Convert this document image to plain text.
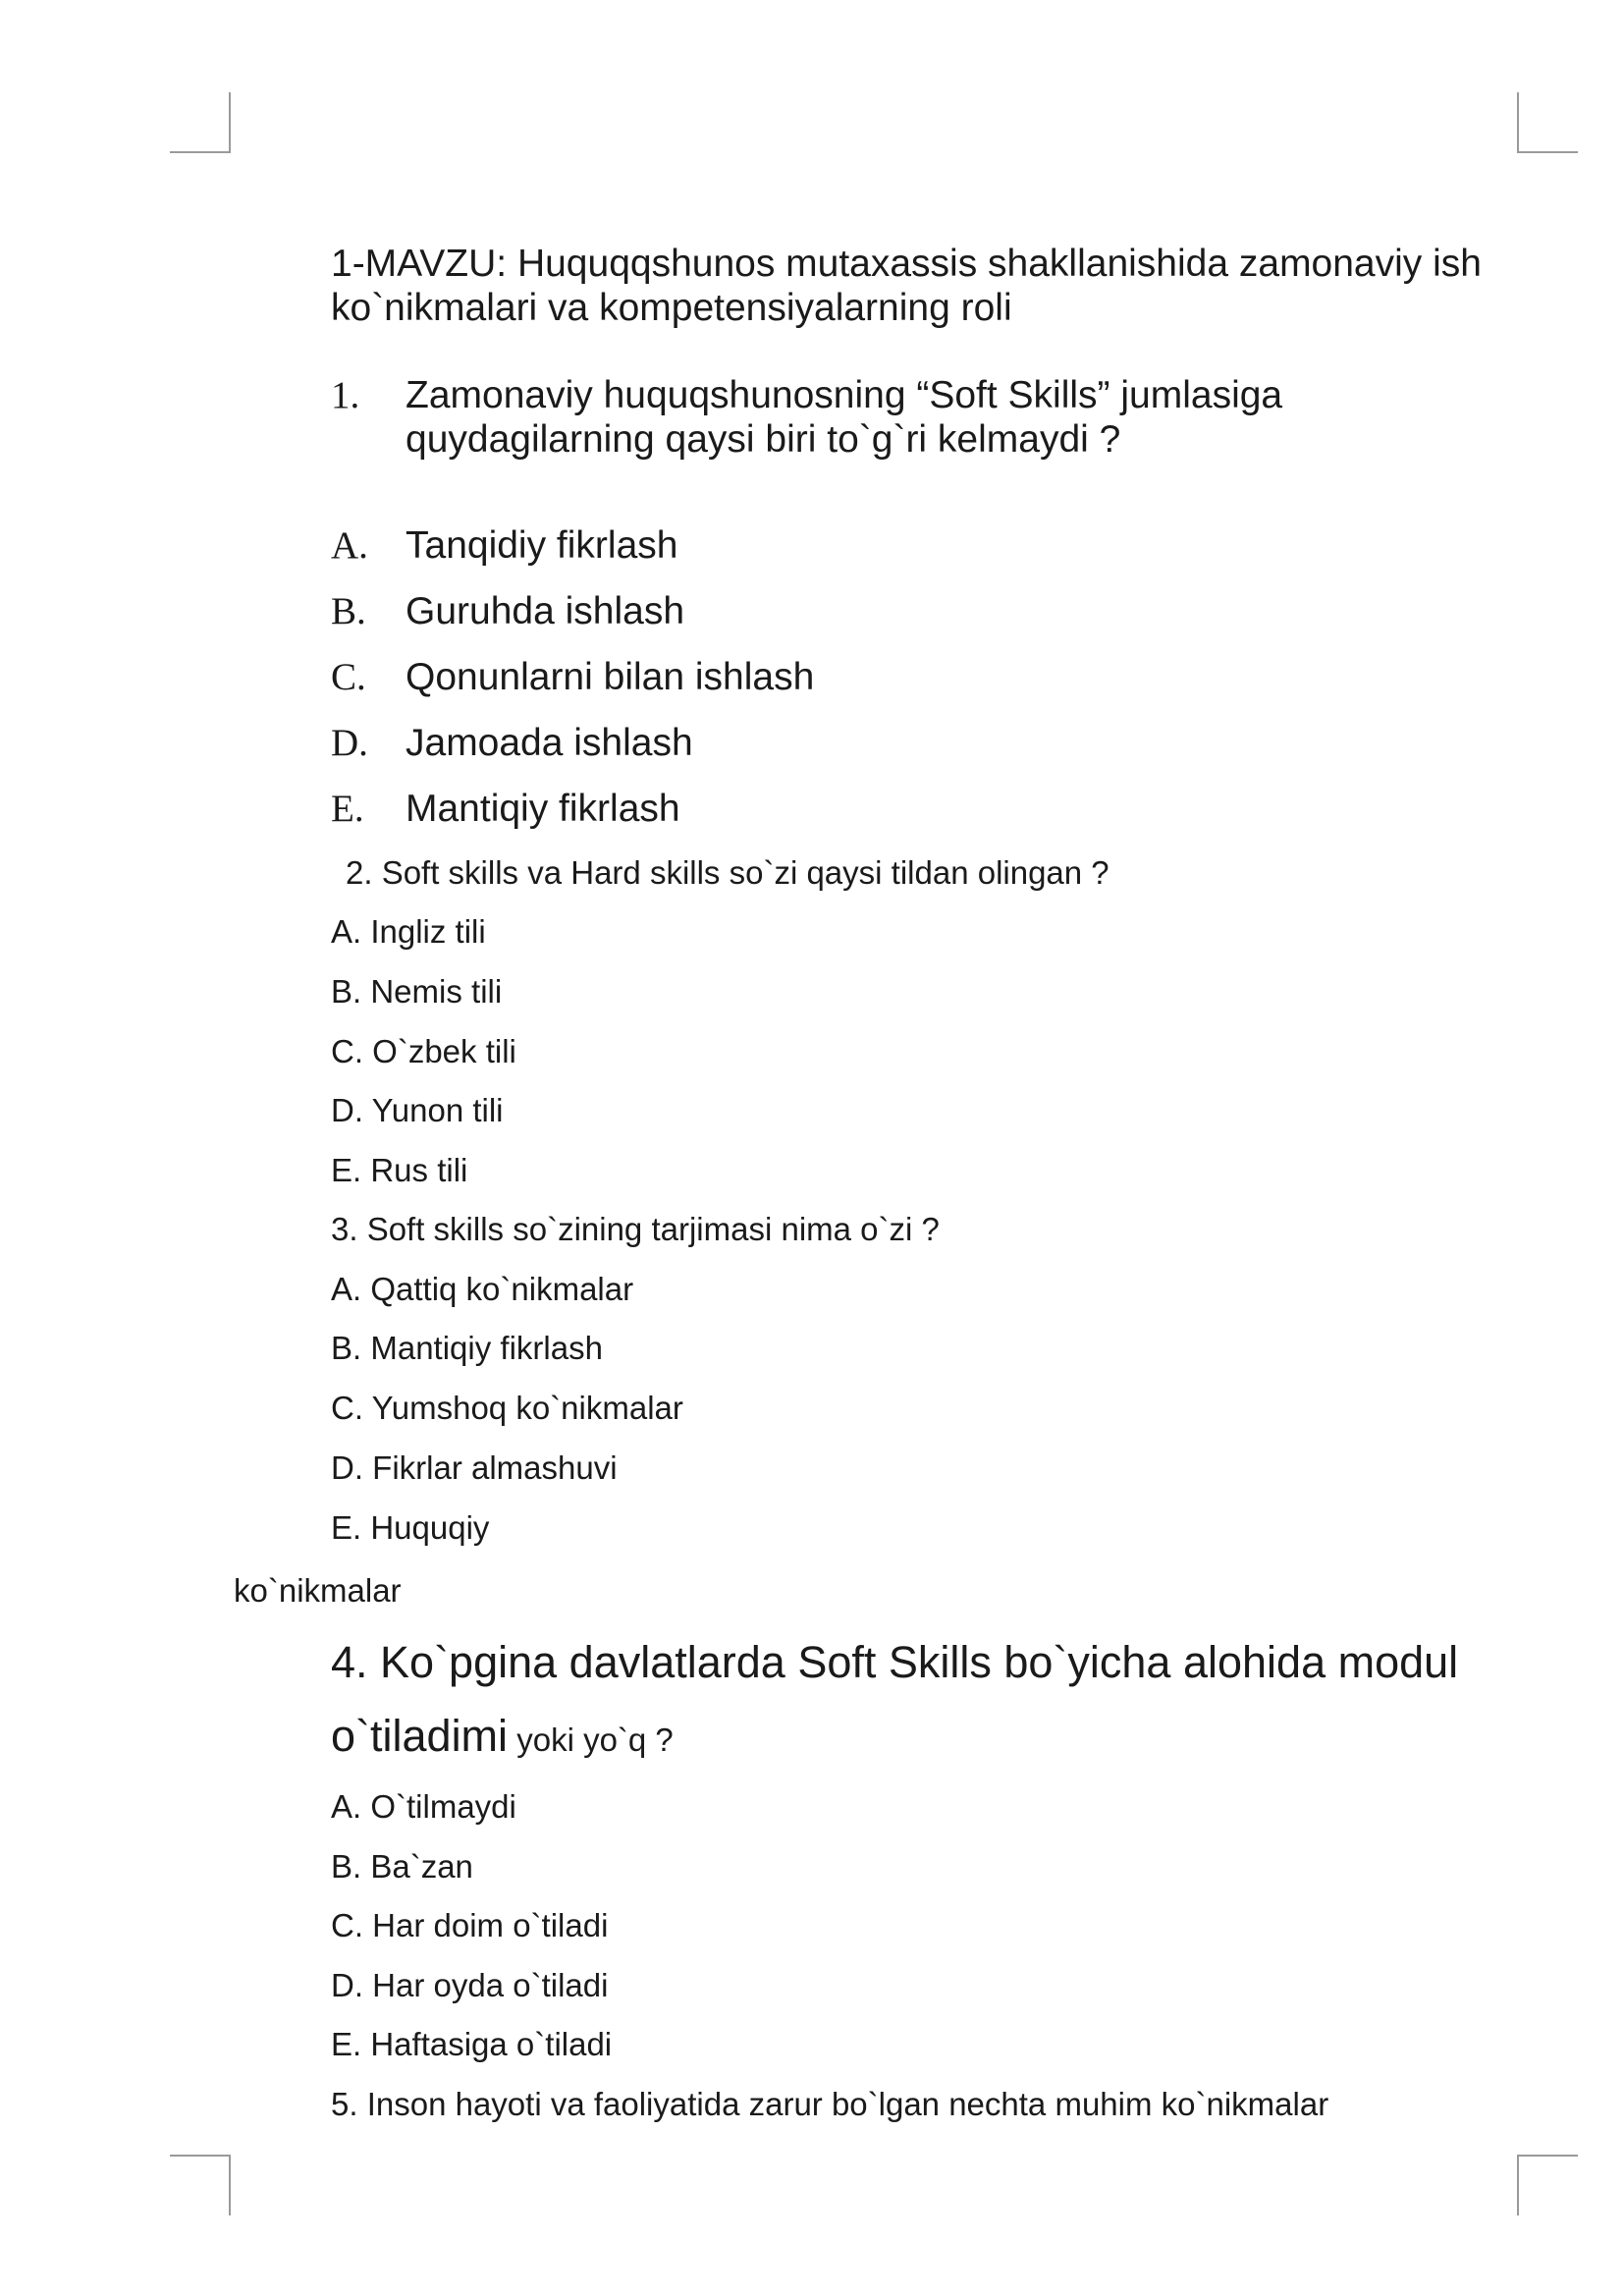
1-MAVZU: Huquqqshunos mutaxassis shakllanishida zamonaviy ish ko`nikmalari va kompetensiyalarning roli
1. Zamonaviy huquqshunosning “Soft Skills” jumlasiga quydagilarning qaysi biri to`g`ri kelmaydi ?
A. Tanqidiy fikrlash
B. Guruhda ishlash
C. Qonunlarni bilan ishlash
D. Jamoada ishlash
E. Mantiqiy fikrlash
2. Soft skills va Hard skills so`zi qaysi tildan olingan ?
A. Ingliz tili
B. Nemis tili
C. O`zbek tili
D. Yunon tili
E. Rus tili
3. Soft skills so`zining tarjimasi nima o`zi ?
A. Qattiq ko`nikmalar
B. Mantiqiy fikrlash
C. Yumshoq ko`nikmalar
D. Fikrlar almashuvi
E. Huquqiy
ko`nikmalar
4. Ko`pgina davlatlarda Soft Skills bo`yicha alohida modul
o`tiladimi yoki yo`q ?
A. O`tilmaydi
B. Ba`zan
C. Har doim o`tiladi
D. Har oyda o`tiladi
E. Haftasiga o`tiladi
5. Inson hayoti va faoliyatida zarur bo`lgan nechta muhim ko`nikmalar
